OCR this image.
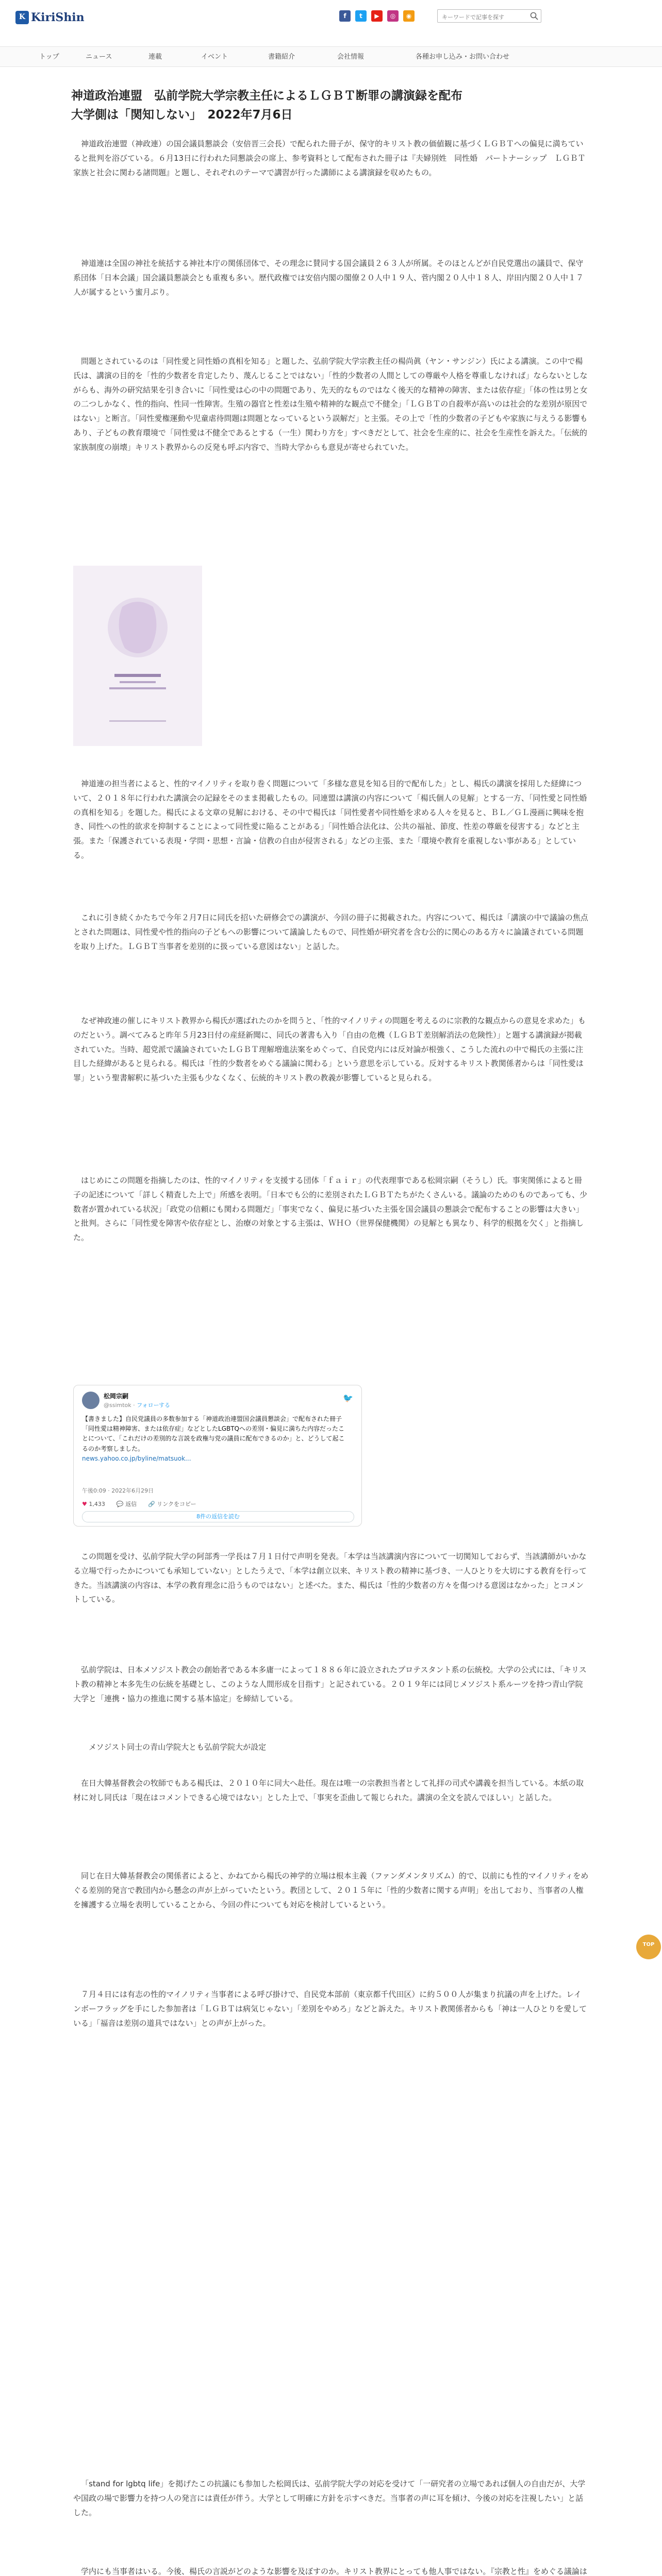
K KiriShin	f	t	▶	◎	◉
キーワードで記事を探す
トップ	ニュース	連載	イベント	書籍紹介	会社情報	各種お申し込み・お問い合わせ
神道政治連盟　弘前学院大学宗教主任によるＬＧＢＴ断罪の講演録を配布
大学側は「関知しない」　2022年7月6日

神道政治連盟（神政連）の国会議員懇談会（安倍晋三会長）で配られた冊子が、保守的キリスト教の価値観に基づくＬＧＢＴへの偏見に満ちていると批判を浴びている。６月13日に行われた同懇談会の席上、参考資料として配布された冊子は『夫婦別姓　同性婚　パートナーシップ　ＬＧＢＴ　家族と社会に関わる諸問題』と題し、それぞれのテーマで講習が行った講師による講演録を収めたもの。

神道連は全国の神社を統括する神社本庁の関係団体で、その理念に賛同する国会議員２６３人が所属。そのほとんどが自民党選出の議員で、保守系団体「日本会議」国会議員懇談会とも重複も多い。歴代政権では安倍内閣の閣僚２０人中１９人、菅内閣２０人中１８人、岸田内閣２０人中１７人が属するという蜜月ぶり。

問題とされているのは「同性愛と同性婚の真相を知る」と題した、弘前学院大学宗教主任の楊尚眞（ヤン・サンジン）氏による講演。この中で楊氏は、講演の目的を「性的少数者を肯定したり、蔑んじることではない」「性的少数者の人間としての尊厳や人格を尊重しなければ」ならないとしながらも、海外の研究結果を引き合いに「同性愛は心の中の問題であり、先天的なものではなく後天的な精神の障害、または依存症」「体の性は男と女の二つしかなく、性的指向、性同一性障害。生殖の器官と性差は生殖や精神的な観点で不健全」「ＬＧＢＴの自殺率が高いのは社会的な差別が原因ではない」と断言。「同性愛権運動や児童虐待問題は問題となっているという誤解だ」と主張。その上で「性的少数者の子どもや家族に与えうる影響もあり、子どもの教育環境で「同性愛は不健全であるとする（一生）関わり方を」すべきだとして、社会を生産的に、社会を生産性を訴えた。「伝統的家族制度の崩壊」キリスト教界からの反発も呼ぶ内容で、当時大学からも意見が寄せられていた。

神道連の担当者によると、性的マイノリティを取り巻く問題について「多様な意見を知る目的で配布した」とし、楊氏の講演を採用した経緯について、２０１８年に行われた講演会の記録をそのまま掲載したもの。同連盟は講演の内容について「楊氏個人の見解」とする一方、「同性愛と同性婚の真相を知る」を題した。楊氏による文章の見解における、その中で楊氏は「同性愛者や同性婚を求める人々を見ると、ＢＬ／ＧＬ漫画に興味を抱き、同性への性的欲求を抑制することによって同性愛に陥ることがある」「同性婚合法化は、公共の福祉、節度、性差の尊厳を侵害する」などと主張。また「保護されている表現・学問・思想・言論・信教の自由が侵害される」などの主張、また「環境や教育を重視しない事がある」としている。

これに引き続くかたちで今年２月7日に同氏を招いた研修会での講演が、今回の冊子に掲載された。内容について、楊氏は「講演の中で議論の焦点とされた問題は、同性愛や性的指向の子どもへの影響について議論したもので、同性婚が研究者を含む公的に関心のある方々に論議されている問題を取り上げた。ＬＧＢＴ当事者を差別的に扱っている意図はない」と話した。

なぜ神政連の催しにキリスト教界から楊氏が選ばれたのかを問うと、「性的マイノリティの問題を考えるのに宗教的な観点からの意見を求めた」ものだという。調べてみると昨年５月23日付の産経新聞に、同氏の著書も入り「自由の危機（ＬＧＢＴ差別解消法の危険性）」と題する講演録が掲載されていた。当時、超党派で議論されていたＬＧＢＴ理解増進法案をめぐって、自民党内には反対論が根強く、こうした流れの中で楊氏の主張に注目した経緯があると見られる。楊氏は「性的少数者をめぐる議論に関わる」という意思を示している。反対するキリスト教関係者からは「同性愛は罪」という聖書解釈に基づいた主張も少なくなく、伝統的キリスト教の教義が影響していると見られる。

はじめにこの問題を指摘したのは、性的マイノリティを支援する団体「ｆａｉｒ」の代表理事である松岡宗嗣（そうし）氏。事実関係によると冊子の記述について「詳しく精査した上で」所感を表明。「日本でも公的に差別されたＬＧＢＴたちがたくさんいる。議論のためのものであっても、少数者が置かれている状況」「政党の信頼にも関わる問題だ」「事実でなく、偏見に基づいた主張を国会議員の懇談会で配布することの影響は大きい」と批判。さらに「同性愛を障害や依存症とし、治療の対象とする主張は、ＷＨＯ（世界保健機関）の見解とも異なり、科学的根拠を欠く」と指摘した。

松岡宗嗣
@ssimtok · フォローする
🐦
【書きました】自民党議員の多数参加する「神道政治連盟国会議員懇談会」で配布された冊子「同性愛は精神障害、または依存症」などとしたLGBTQへの差別・偏見に満ちた内容だったことについて、「これだけの差別的な言説を政権与党の議員に配布できるのか」と、どうして起こるのか考察しました。
news.yahoo.co.jp/byline/matsuok...
午後0:09 · 2022年6月29日
♥ 1,433 💬 返信 🔗 リンクをコピー
8件の返信を読む

この問題を受け、弘前学院大学の阿部秀一学長は７月１日付で声明を発表。「本学は当該講演内容について一切関知しておらず、当該講師がいかなる立場で行ったかについても承知していない」としたうえで、「本学は創立以来、キリスト教の精神に基づき、一人ひとりを大切にする教育を行ってきた。当該講演の内容は、本学の教育理念に沿うものではない」と述べた。また、楊氏は「性的少数者の方々を傷つける意図はなかった」とコメントしている。

弘前学院は、日本メソジスト教会の創始者である本多庸一によって１８８６年に設立されたプロテスタント系の伝統校。大学の公式には、「キリスト教の精神と本多先生の伝統を基礎とし、このような人間形成を目指す」と記されている。２０１９年には同じメソジスト系ルーツを持つ青山学院大学と「連携・協力の推進に関する基本協定」を締結している。

メソジスト同士の青山学院大とも弘前学院大が設定

在日大韓基督教会の牧師でもある楊氏は、２０１０年に同大へ赴任。現在は唯一の宗教担当者として礼拝の司式や講義を担当している。本紙の取材に対し同氏は「現在はコメントできる心境ではない」とした上で、「事実を歪曲して報じられた。講演の全文を読んでほしい」と話した。

同じ在日大韓基督教会の関係者によると、かねてから楊氏の神学的立場は根本主義（ファンダメンタリズム）的で、以前にも性的マイノリティをめぐる差別的発言で教団内から懸念の声が上がっていたという。教団として、２０１５年に「性的少数者に関する声明」を出しており、当事者の人権を擁護する立場を表明していることから、今回の件についても対応を検討しているという。

７月４日には有志の性的マイノリティ当事者による呼び掛けで、自民党本部前（東京都千代田区）に約５００人が集まり抗議の声を上げた。レインボーフラッグを手にした参加者は「ＬＧＢＴは病気じゃない」「差別をやめろ」などと訴えた。キリスト教関係者からも「神は一人ひとりを愛している」「福音は差別の道具ではない」との声が上がった。

「stand for lgbtq life」を掲げたこの抗議にも参加した松岡氏は、弘前学院大学の対応を受けて「一研究者の立場であれば個人の自由だが、大学や国政の場で影響力を持つ人の発言には責任が伴う。大学として明確に方針を示すべきだ。当事者の声に耳を傾け、今後の対応を注視したい」と話した。

学内にも当事者はいる。今後、楊氏の言説がどのような影響を及ぼすのか。キリスト教界にとっても他人事ではない。『宗教と性』をめぐる議論は

TOP
